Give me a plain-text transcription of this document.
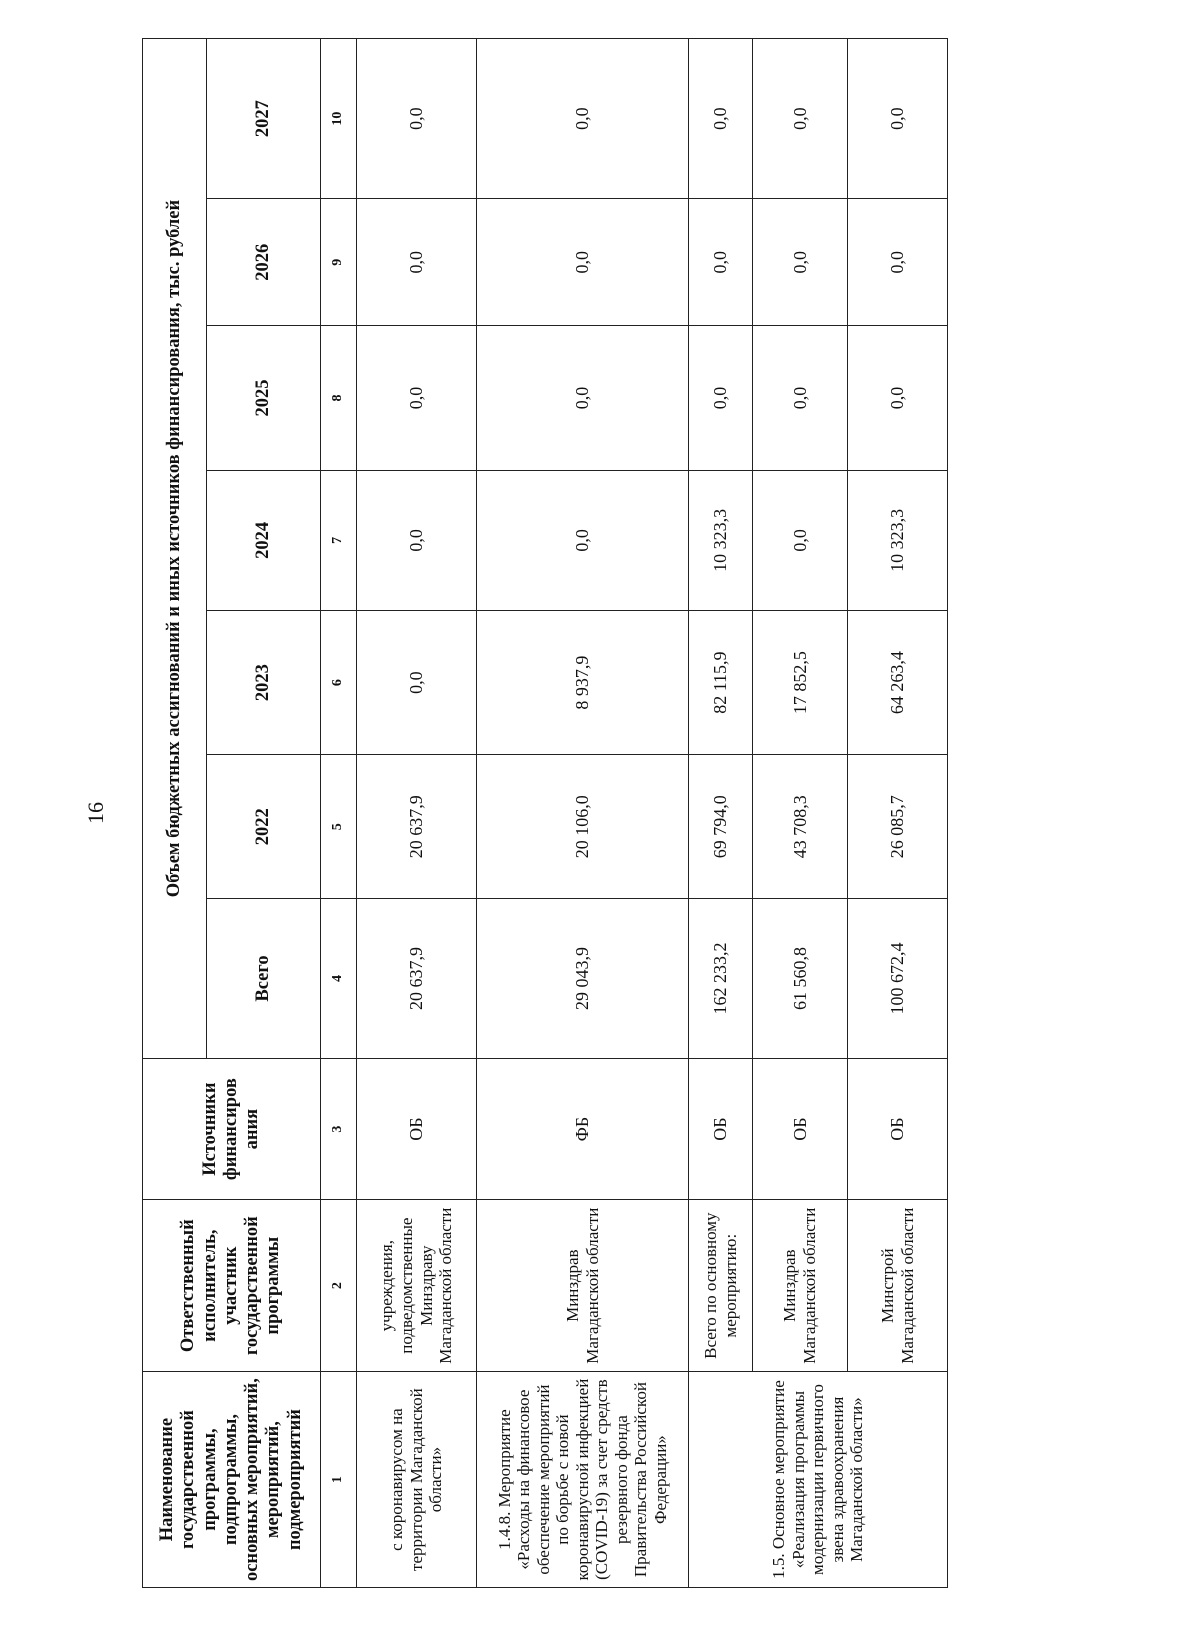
16
Наименование государственной программы, подпрограммы, основных мероприятий, мероприятий, подмероприятий	Ответственный исполнитель, участник государственной программы	Источники финансиров ания	Объем бюджетных ассигнований и иных источников финансирования, тыс. рублей						
			Всего	2022	2023	2024	2025	2026	2027
1	2	3	4	5	6	7	8	9	10
с коронавирусом на территории Магаданской области»	учреждения, подведомственные Минздраву Магаданской области	ОБ	20 637,9	20 637,9	0,0	0,0	0,0	0,0	0,0
1.4.8. Мероприятие «Расходы на финансовое обеспечение мероприятий по борьбе с новой коронавирусной инфекцией (COVID-19) за счет средств резервного фонда Правительства Российской Федерации»	Минздрав Магаданской области	ФБ	29 043,9	20 106,0	8 937,9	0,0	0,0	0,0	0,0
1.5. Основное мероприятие «Реализация программы модернизации первичного звена здравоохранения Магаданской области»	Всего по основному мероприятию:	ОБ	162 233,2	69 794,0	82 115,9	10 323,3	0,0	0,0	0,0
	Минздрав Магаданской области	ОБ	61 560,8	43 708,3	17 852,5	0,0	0,0	0,0	0,0
	Минстрой Магаданской области	ОБ	100 672,4	26 085,7	64 263,4	10 323,3	0,0	0,0	0,0
